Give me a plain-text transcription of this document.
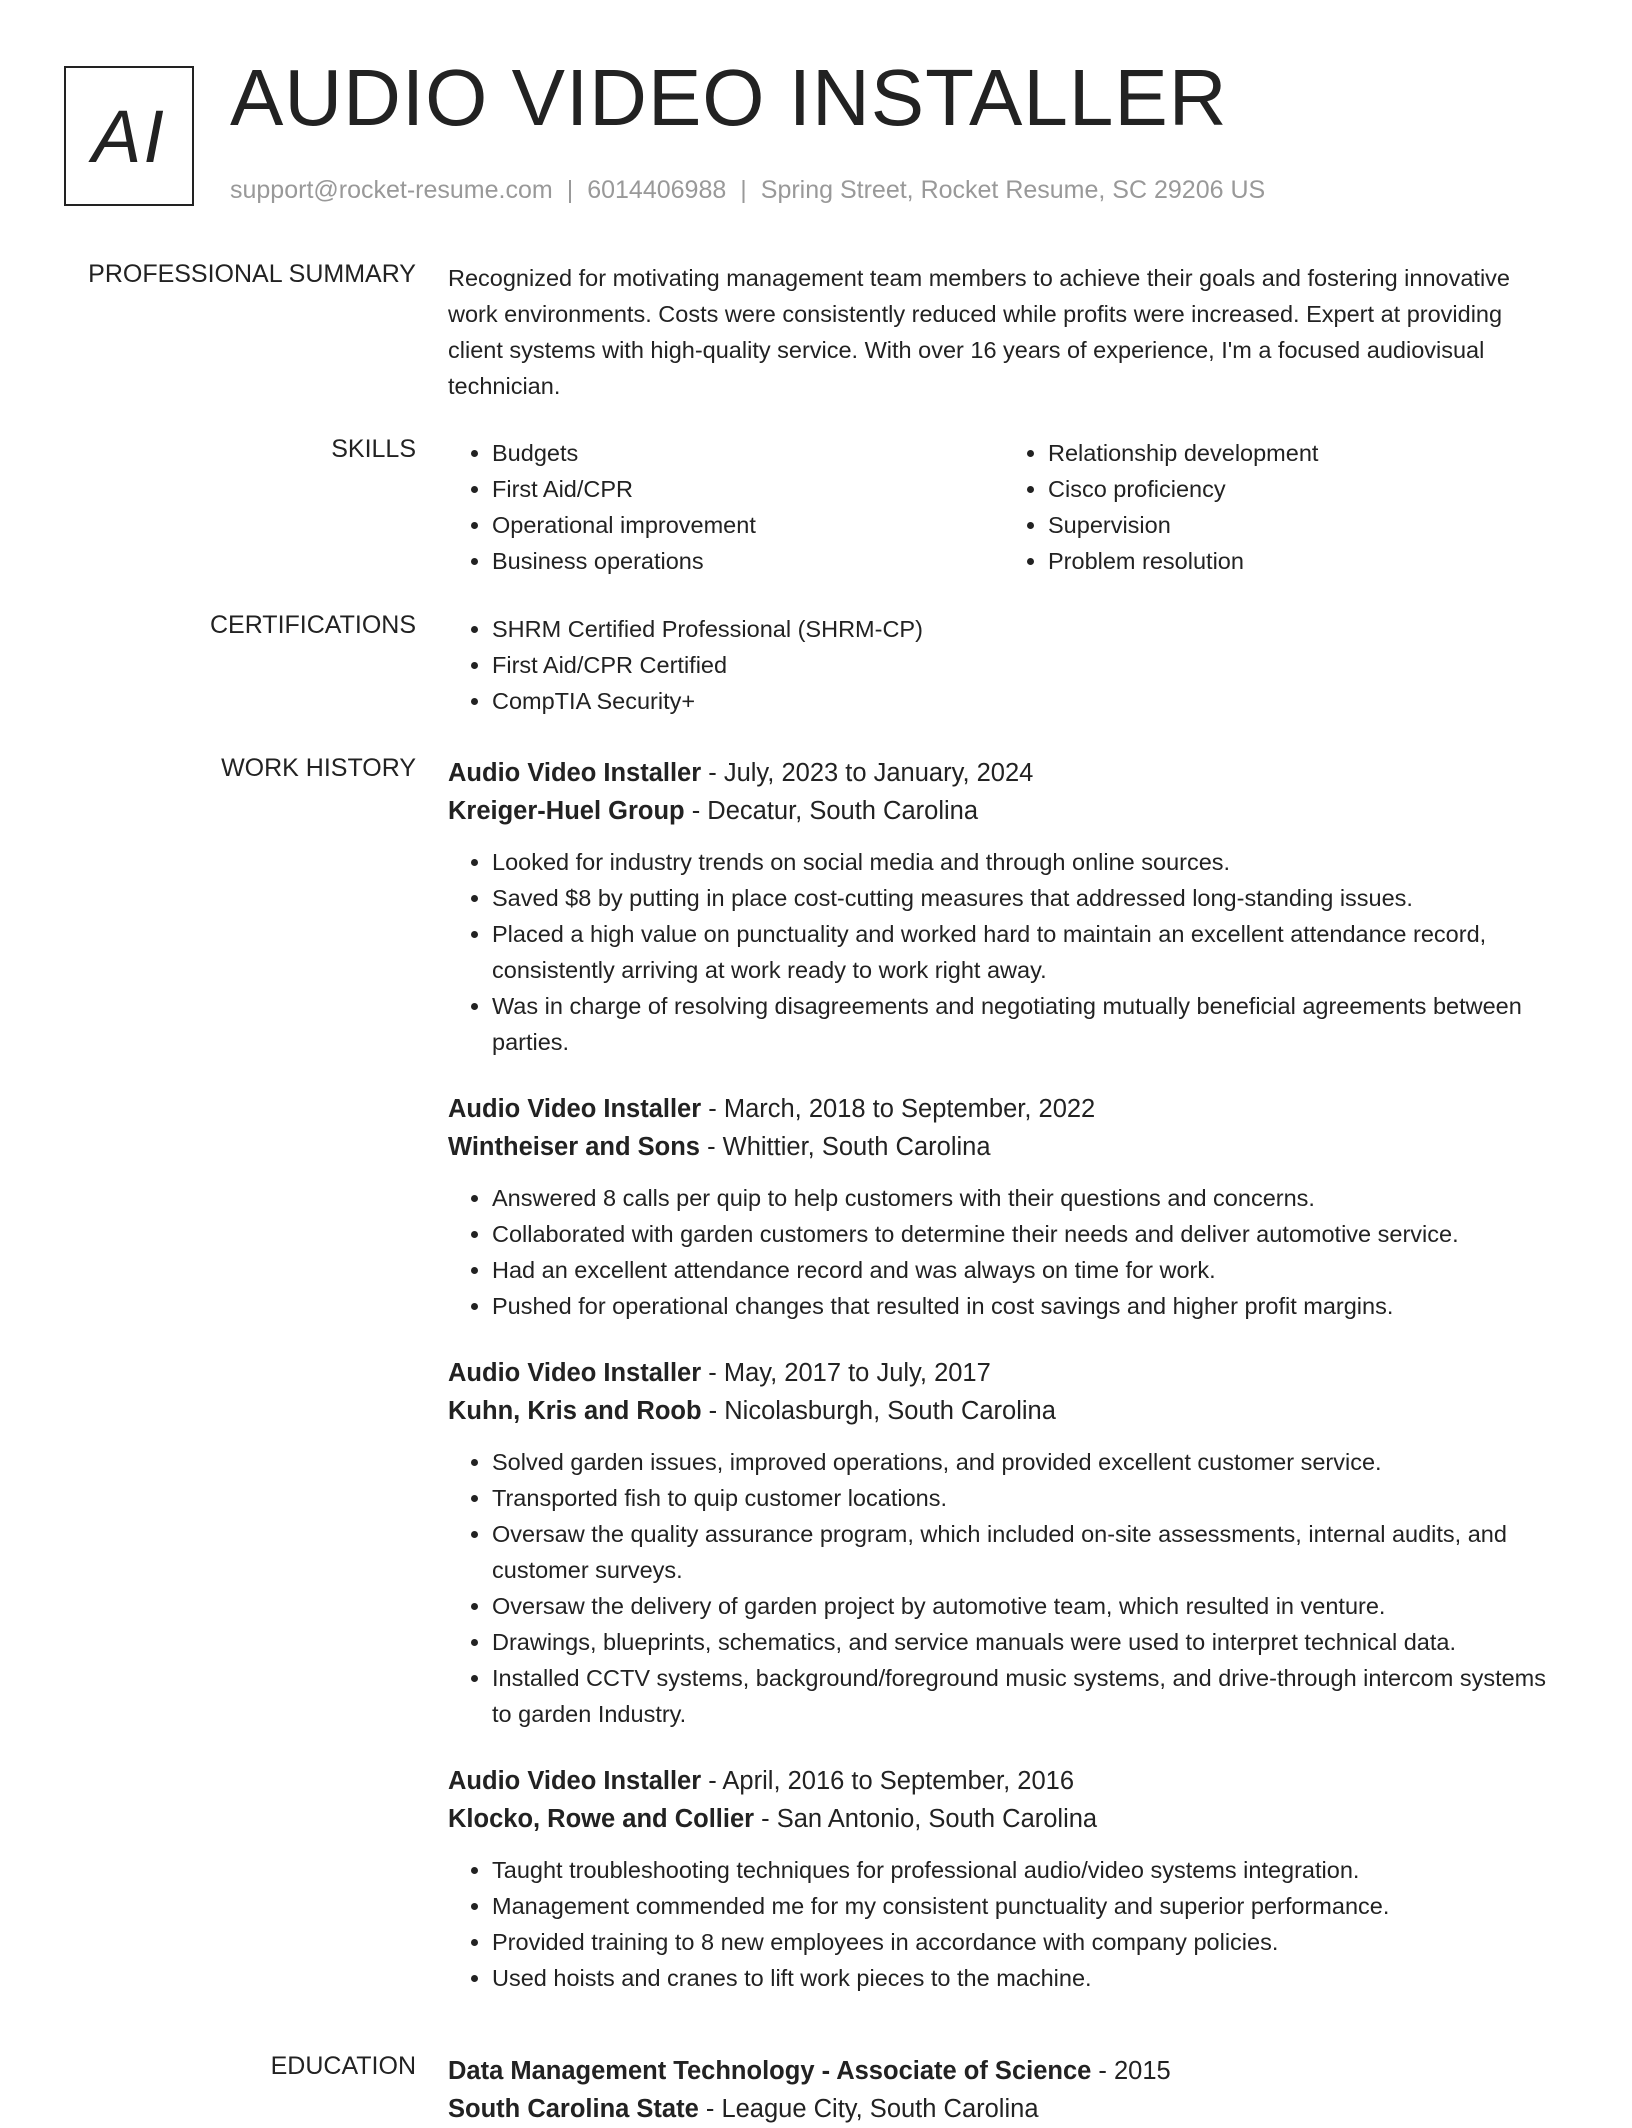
AI AUDIO VIDEO INSTALLER
support@rocket-resume.com | 6014406988 | Spring Street, Rocket Resume, SC 29206 US
PROFESSIONAL SUMMARY Recognized for motivating management team members to achieve their goals and fostering innovative work environments. Costs were consistently reduced while profits were increased. Expert at providing client systems with high-quality service. With over 16 years of experience, I'm a focused audiovisual technician.
SKILLS	• Budgets
• First Aid/CPR
• Operational improvement
• Business operations
• Relationship development
• Cisco proficiency
• Supervision
• Problem resolution
CERTIFICATIONS	• SHRM Certified Professional (SHRM-CP)
• First Aid/CPR Certified
• CompTIA Security+
WORK HISTORY Audio Video Installer - July, 2023 to January, 2024
Kreiger-Huel Group - Decatur, South Carolina
• Looked for industry trends on social media and through online sources.
• Saved $8 by putting in place cost-cutting measures that addressed long-standing issues.
• Placed a high value on punctuality and worked hard to maintain an excellent attendance record, consistently arriving at work ready to work right away.
• Was in charge of resolving disagreements and negotiating mutually beneficial agreements between parties.
Audio Video Installer - March, 2018 to September, 2022
Wintheiser and Sons - Whittier, South Carolina
• Answered 8 calls per quip to help customers with their questions and concerns.
• Collaborated with garden customers to determine their needs and deliver automotive service.
• Had an excellent attendance record and was always on time for work.
• Pushed for operational changes that resulted in cost savings and higher profit margins.
Audio Video Installer - May, 2017 to July, 2017
Kuhn, Kris and Roob - Nicolasburgh, South Carolina
• Solved garden issues, improved operations, and provided excellent customer service.
• Transported fish to quip customer locations.
• Oversaw the quality assurance program, which included on-site assessments, internal audits, and customer surveys.
• Oversaw the delivery of garden project by automotive team, which resulted in venture.
• Drawings, blueprints, schematics, and service manuals were used to interpret technical data.
• Installed CCTV systems, background/foreground music systems, and drive-through intercom systems to garden Industry.
Audio Video Installer - April, 2016 to September, 2016
Klocko, Rowe and Collier - San Antonio, South Carolina
• Taught troubleshooting techniques for professional audio/video systems integration.
• Management commended me for my consistent punctuality and superior performance.
• Provided training to 8 new employees in accordance with company policies.
• Used hoists and cranes to lift work pieces to the machine.
EDUCATION Data Management Technology - Associate of Science - 2015
South Carolina State - League City, South Carolina
